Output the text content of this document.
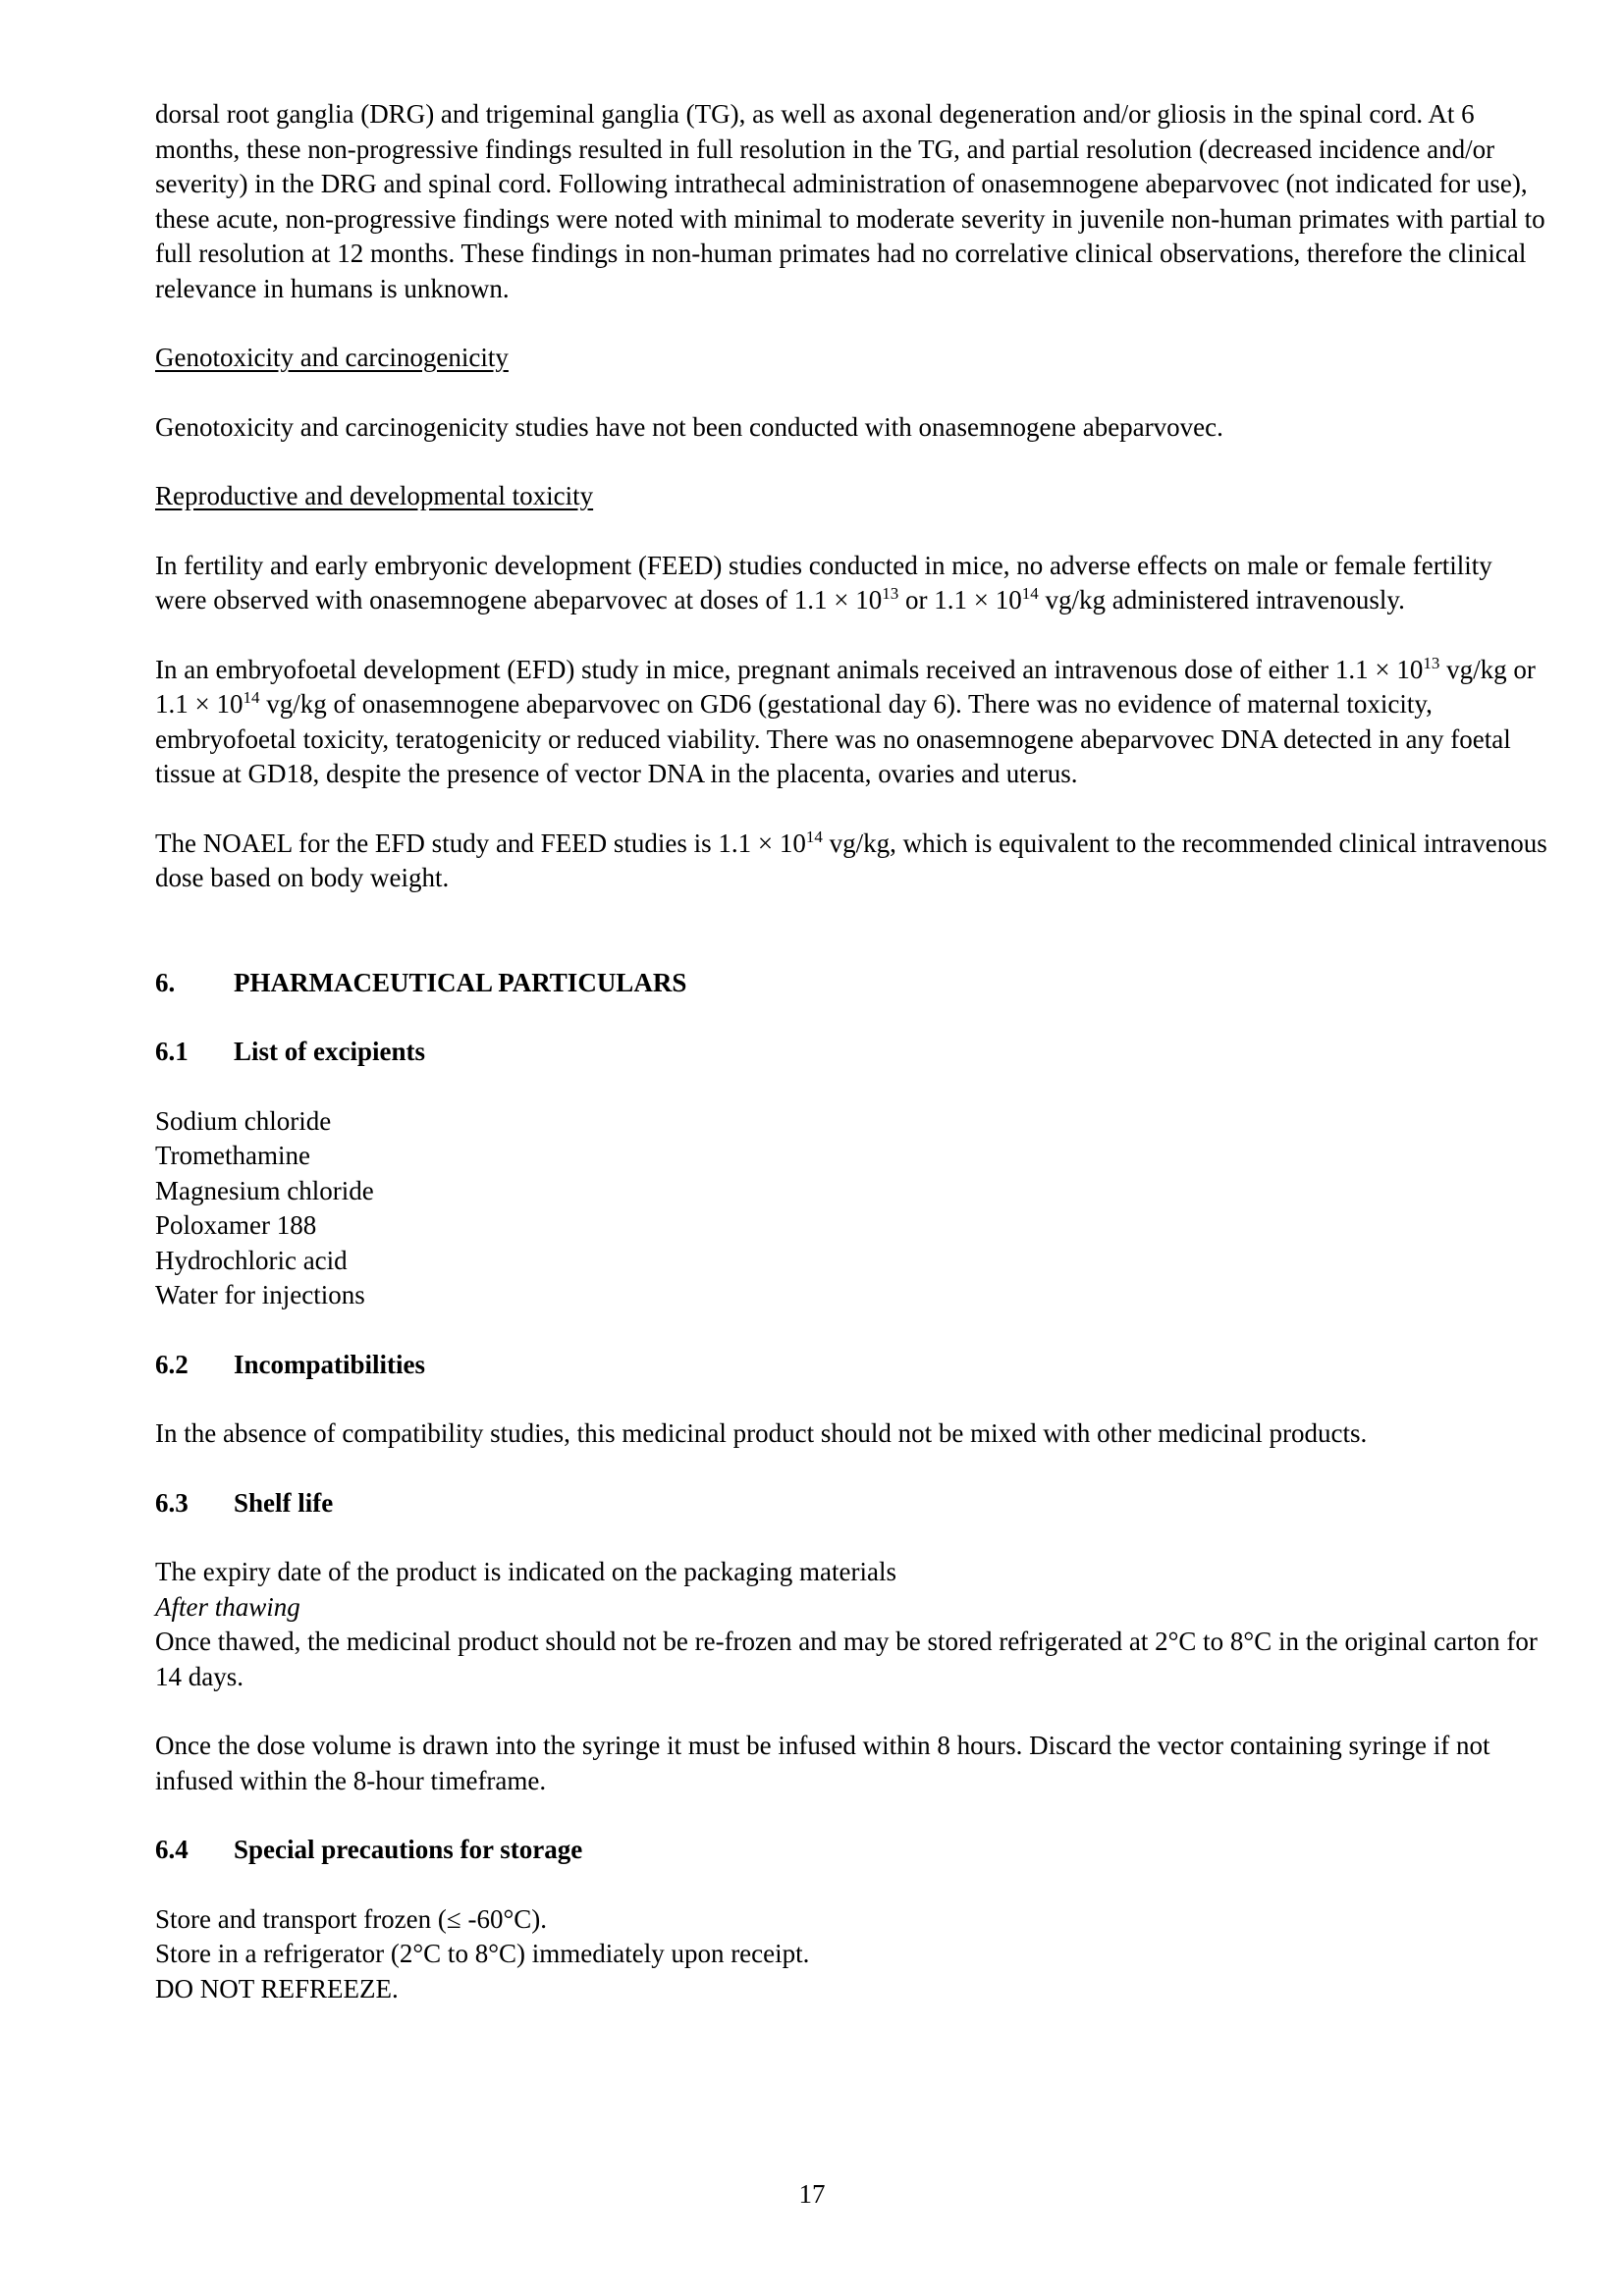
dorsal root ganglia (DRG) and trigeminal ganglia (TG), as well as axonal degeneration and/or gliosis in the spinal cord. At 6 months, these non-progressive findings resulted in full resolution in the TG, and partial resolution (decreased incidence and/or severity) in the DRG and spinal cord. Following intrathecal administration of onasemnogene abeparvovec (not indicated for use), these acute, non-progressive findings were noted with minimal to moderate severity in juvenile non-human primates with partial to full resolution at 12 months. These findings in non-human primates had no correlative clinical observations, therefore the clinical relevance in humans is unknown.

Genotoxicity and carcinogenicity

Genotoxicity and carcinogenicity studies have not been conducted with onasemnogene abeparvovec.

Reproductive and developmental toxicity

In fertility and early embryonic development (FEED) studies conducted in mice, no adverse effects on male or female fertility were observed with onasemnogene abeparvovec at doses of $1.1 \times 10^{13}$ or $1.1 \times 10^{14}$ vg/kg administered intravenously.

In an embryofoetal development (EFD) study in mice, pregnant animals received an intravenous dose of either $1.1 \times 10^{13}$ vg/kg or $1.1 \times 10^{14}$ vg/kg of onasemnogene abeparvovec on GD6 (gestational day 6). There was no evidence of maternal toxicity, embryofoetal toxicity, teratogenicity or reduced viability. There was no onasemnogene abeparvovec DNA detected in any foetal tissue at GD18, despite the presence of vector DNA in the placenta, ovaries and uterus.

The NOAEL for the EFD study and FEED studies is $1.1 \times 10^{14}$ vg/kg, which is equivalent to the recommended clinical intravenous dose based on body weight.

6. PHARMACEUTICAL PARTICULARS

6.1 List of excipients

Sodium chloride

Tromethamine

Magnesium chloride

Poloxamer 188

Hydrochloric acid

Water for injections

6.2 Incompatibilities

In the absence of compatibility studies, this medicinal product should not be mixed with other medicinal products.

6.3 Shelf life

The expiry date of the product is indicated on the packaging materials

After thawing

Once thawed, the medicinal product should not be re-frozen and may be stored refrigerated at 2°C to 8°C in the original carton for 14 days.

Once the dose volume is drawn into the syringe it must be infused within 8 hours. Discard the vector containing syringe if not infused within the 8-hour timeframe.

6.4 Special precautions for storage

Store and transport frozen (≤ -60°C).

Store in a refrigerator (2°C to 8°C) immediately upon receipt.

DO NOT REFREEZE.

17
